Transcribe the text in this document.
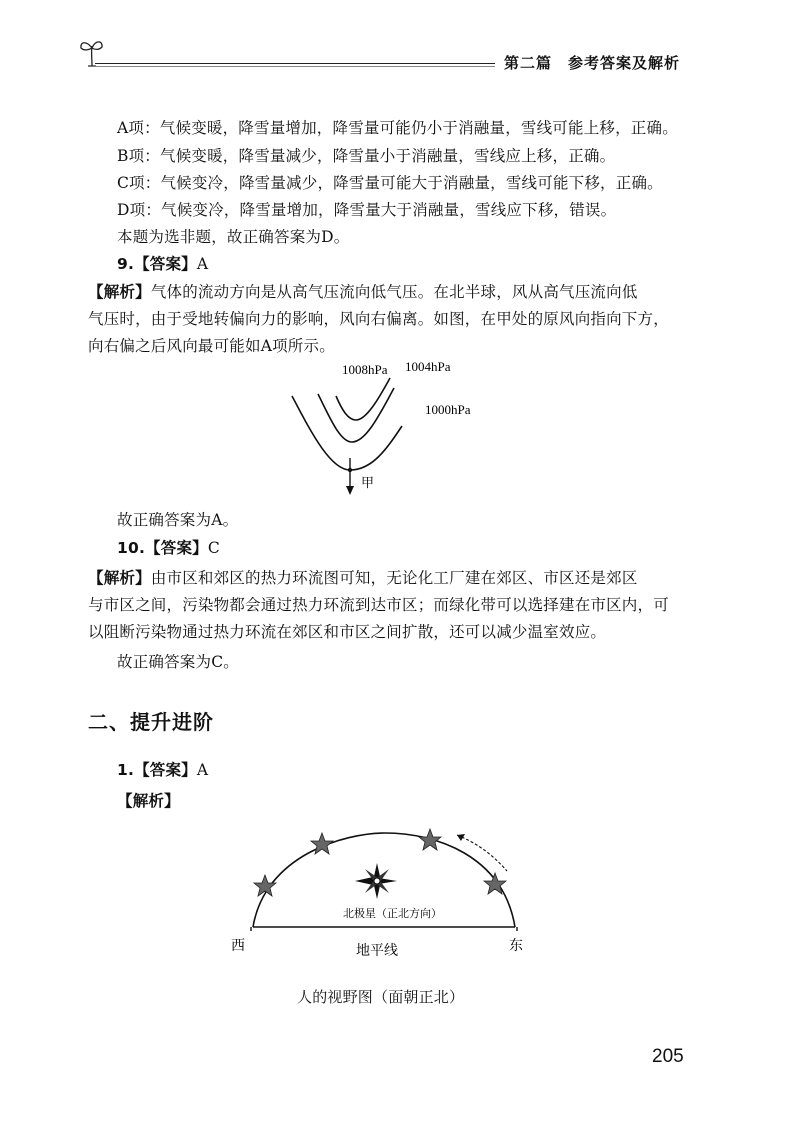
第二篇　参考答案及解析
A项：气候变暖，降雪量增加，降雪量可能仍小于消融量，雪线可能上移，正确。
B项：气候变暖，降雪量减少，降雪量小于消融量，雪线应上移，正确。
C项：气候变冷，降雪量减少，降雪量可能大于消融量，雪线可能下移，正确。
D项：气候变冷，降雪量增加，降雪量大于消融量，雪线应下移，错误。
本题为选非题，故正确答案为D。
9.【答案】A
【解析】气体的流动方向是从高气压流向低气压。在北半球，风从高气压流向低
气压时，由于受地转偏向力的影响，风向右偏离。如图，在甲处的原风向指向下方，
向右偏之后风向最可能如A项所示。
1008hPa 1004hPa
1000hPa
甲
故正确答案为A。
10.【答案】C
【解析】由市区和郊区的热力环流图可知，无论化工厂建在郊区、市区还是郊区
与市区之间，污染物都会通过热力环流到达市区；而绿化带可以选择建在市区内，可
以阻断污染物通过热力环流在郊区和市区之间扩散，还可以减少温室效应。
故正确答案为C。
二、提升进阶
1.【答案】A
【解析】
北极星（正北方向）
西	地平线	东
人的视野图（面朝正北）
205
